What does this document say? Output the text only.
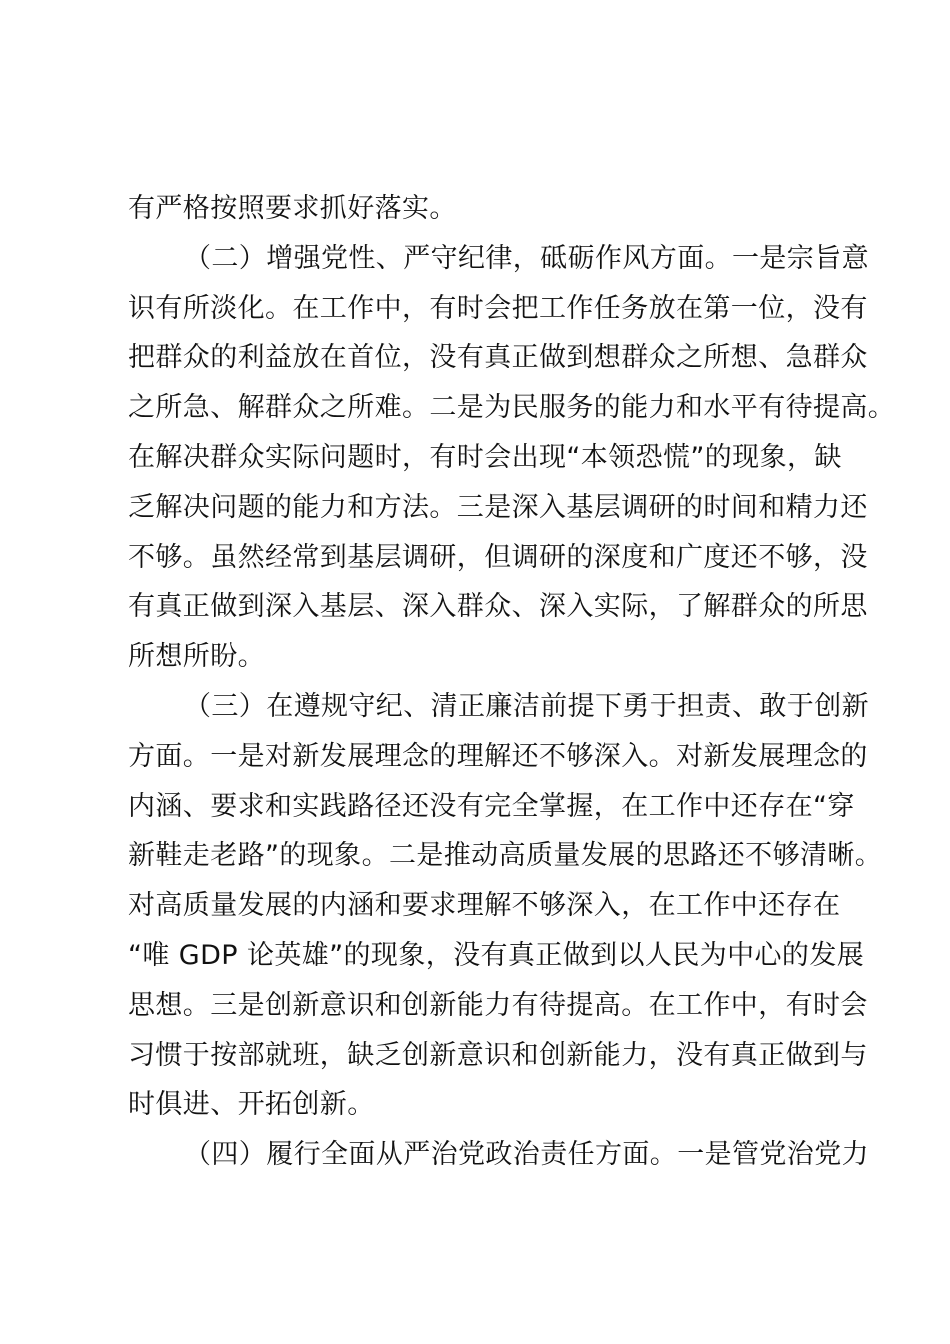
有严格按照要求抓好落实。
（二）增强党性、严守纪律，砥砺作风方面。一是宗旨意
识有所淡化。在工作中，有时会把工作任务放在第一位，没有
把群众的利益放在首位，没有真正做到想群众之所想、急群众
之所急、解群众之所难。二是为民服务的能力和水平有待提高。
在解决群众实际问题时，有时会出现“本领恐慌”的现象，缺
乏解决问题的能力和方法。三是深入基层调研的时间和精力还
不够。虽然经常到基层调研，但调研的深度和广度还不够，没
有真正做到深入基层、深入群众、深入实际，了解群众的所思
所想所盼。
（三）在遵规守纪、清正廉洁前提下勇于担责、敢于创新
方面。一是对新发展理念的理解还不够深入。对新发展理念的
内涵、要求和实践路径还没有完全掌握，在工作中还存在“穿
新鞋走老路”的现象。二是推动高质量发展的思路还不够清晰。
对高质量发展的内涵和要求理解不够深入，在工作中还存在
“唯 GDP 论英雄”的现象，没有真正做到以人民为中心的发展
思想。三是创新意识和创新能力有待提高。在工作中，有时会
习惯于按部就班，缺乏创新意识和创新能力，没有真正做到与
时俱进、开拓创新。
（四）履行全面从严治党政治责任方面。一是管党治党力
